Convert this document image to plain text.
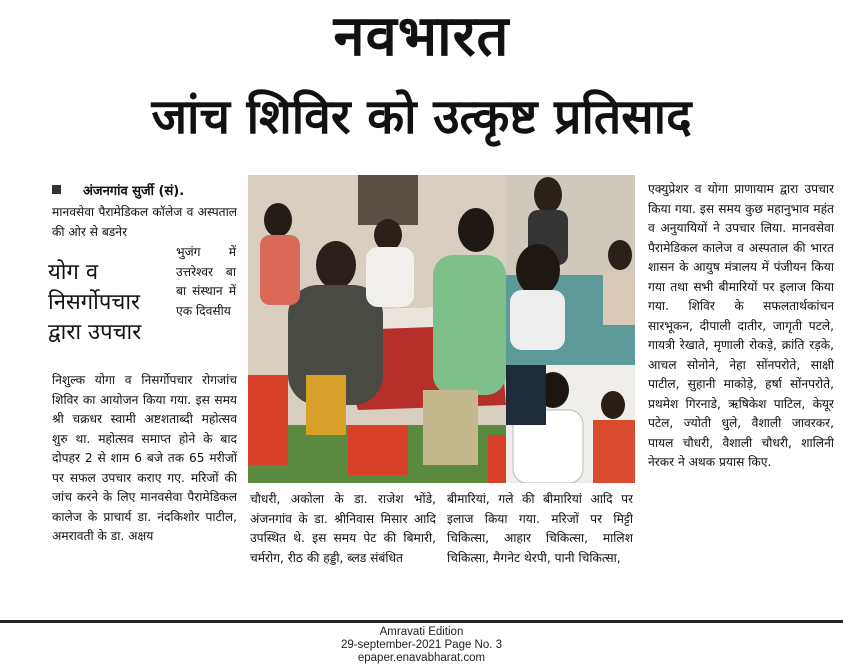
नवभारत
जांच शिविर को उत्कृष्ट प्रतिसाद
अंजनगांव सुर्जी (सं).
मानवसेवा पैरामेडिकल कॉलेज व अस्पताल की ओर से बडनेर
योग व निसर्गोपचार द्वारा उपचार
भुजंग में उत्तरेश्वर बा बा संस्थान में एक दिवसीय
निशुल्क योगा व निसर्गोपचार रोगजांच शिविर का आयोजन किया गया. इस समय श्री चक्रधर स्वामी अष्टशताब्दी महोत्सव शुरु था. महोत्सव समाप्त होने के बाद दोपहर 2 से शाम 6 बजे तक 65 मरीजों पर सफल उपचार कराए गए. मरिजों की जांच करने के लिए मानवसेवा पैरामेडिकल कालेज के प्राचार्य डा. नंदकिशोर पाटील, अमरावती के डा. अक्षय
चौधरी, अकोला के डा. राजेश भोंडे, अंजनगांव के डा. श्रीनिवास मिसार आदि उपस्थित थे. इस समय पेट की बिमारी, चर्मरोग, रीठ की हड्डी, ब्लड संबंधित
बीमारियां, गले की बीमारियां आदि पर इलाज किया गया. मरिजों पर मिट्टी चिकित्सा, आहार चिकित्सा, मालिश चिकित्सा, मैगनेट थेरपी, पानी चिकित्सा,
एक्युप्रेशर व योगा प्राणायाम द्वारा उपचार किया गया. इस समय कुछ महानुभाव महंत व अनुयायियों ने उपचार लिया. मानवसेवा पैरामेडिकल कालेज व अस्पताल की भारत शासन के आयुष मंत्रालय में पंजीयन किया गया तथा सभी बीमारियों पर इलाज किया गया. शिविर के सफलतार्थकांचन सारभूकन, दीपाली दातीर, जागृती पटले, गायत्री रेखाते, मृणाली रोकड़े, क्रांति रड़के, आचल सोनोने, नेहा सोंनपरोते, साक्षी पाटील, सुहानी माकोड़े, हर्षा सोंनपरोते, प्रथमेश गिरनाडे, ऋषिकेश पाटिल, केयूर पटेल, ज्योती धुले, वैशाली जावरकर, पायल चौधरी, वैशाली चौधरी, शालिनी नेरकर ने अथक प्रयास किए.
Amravati Edition
29-september-2021 Page No. 3
epaper.enavabharat.com
